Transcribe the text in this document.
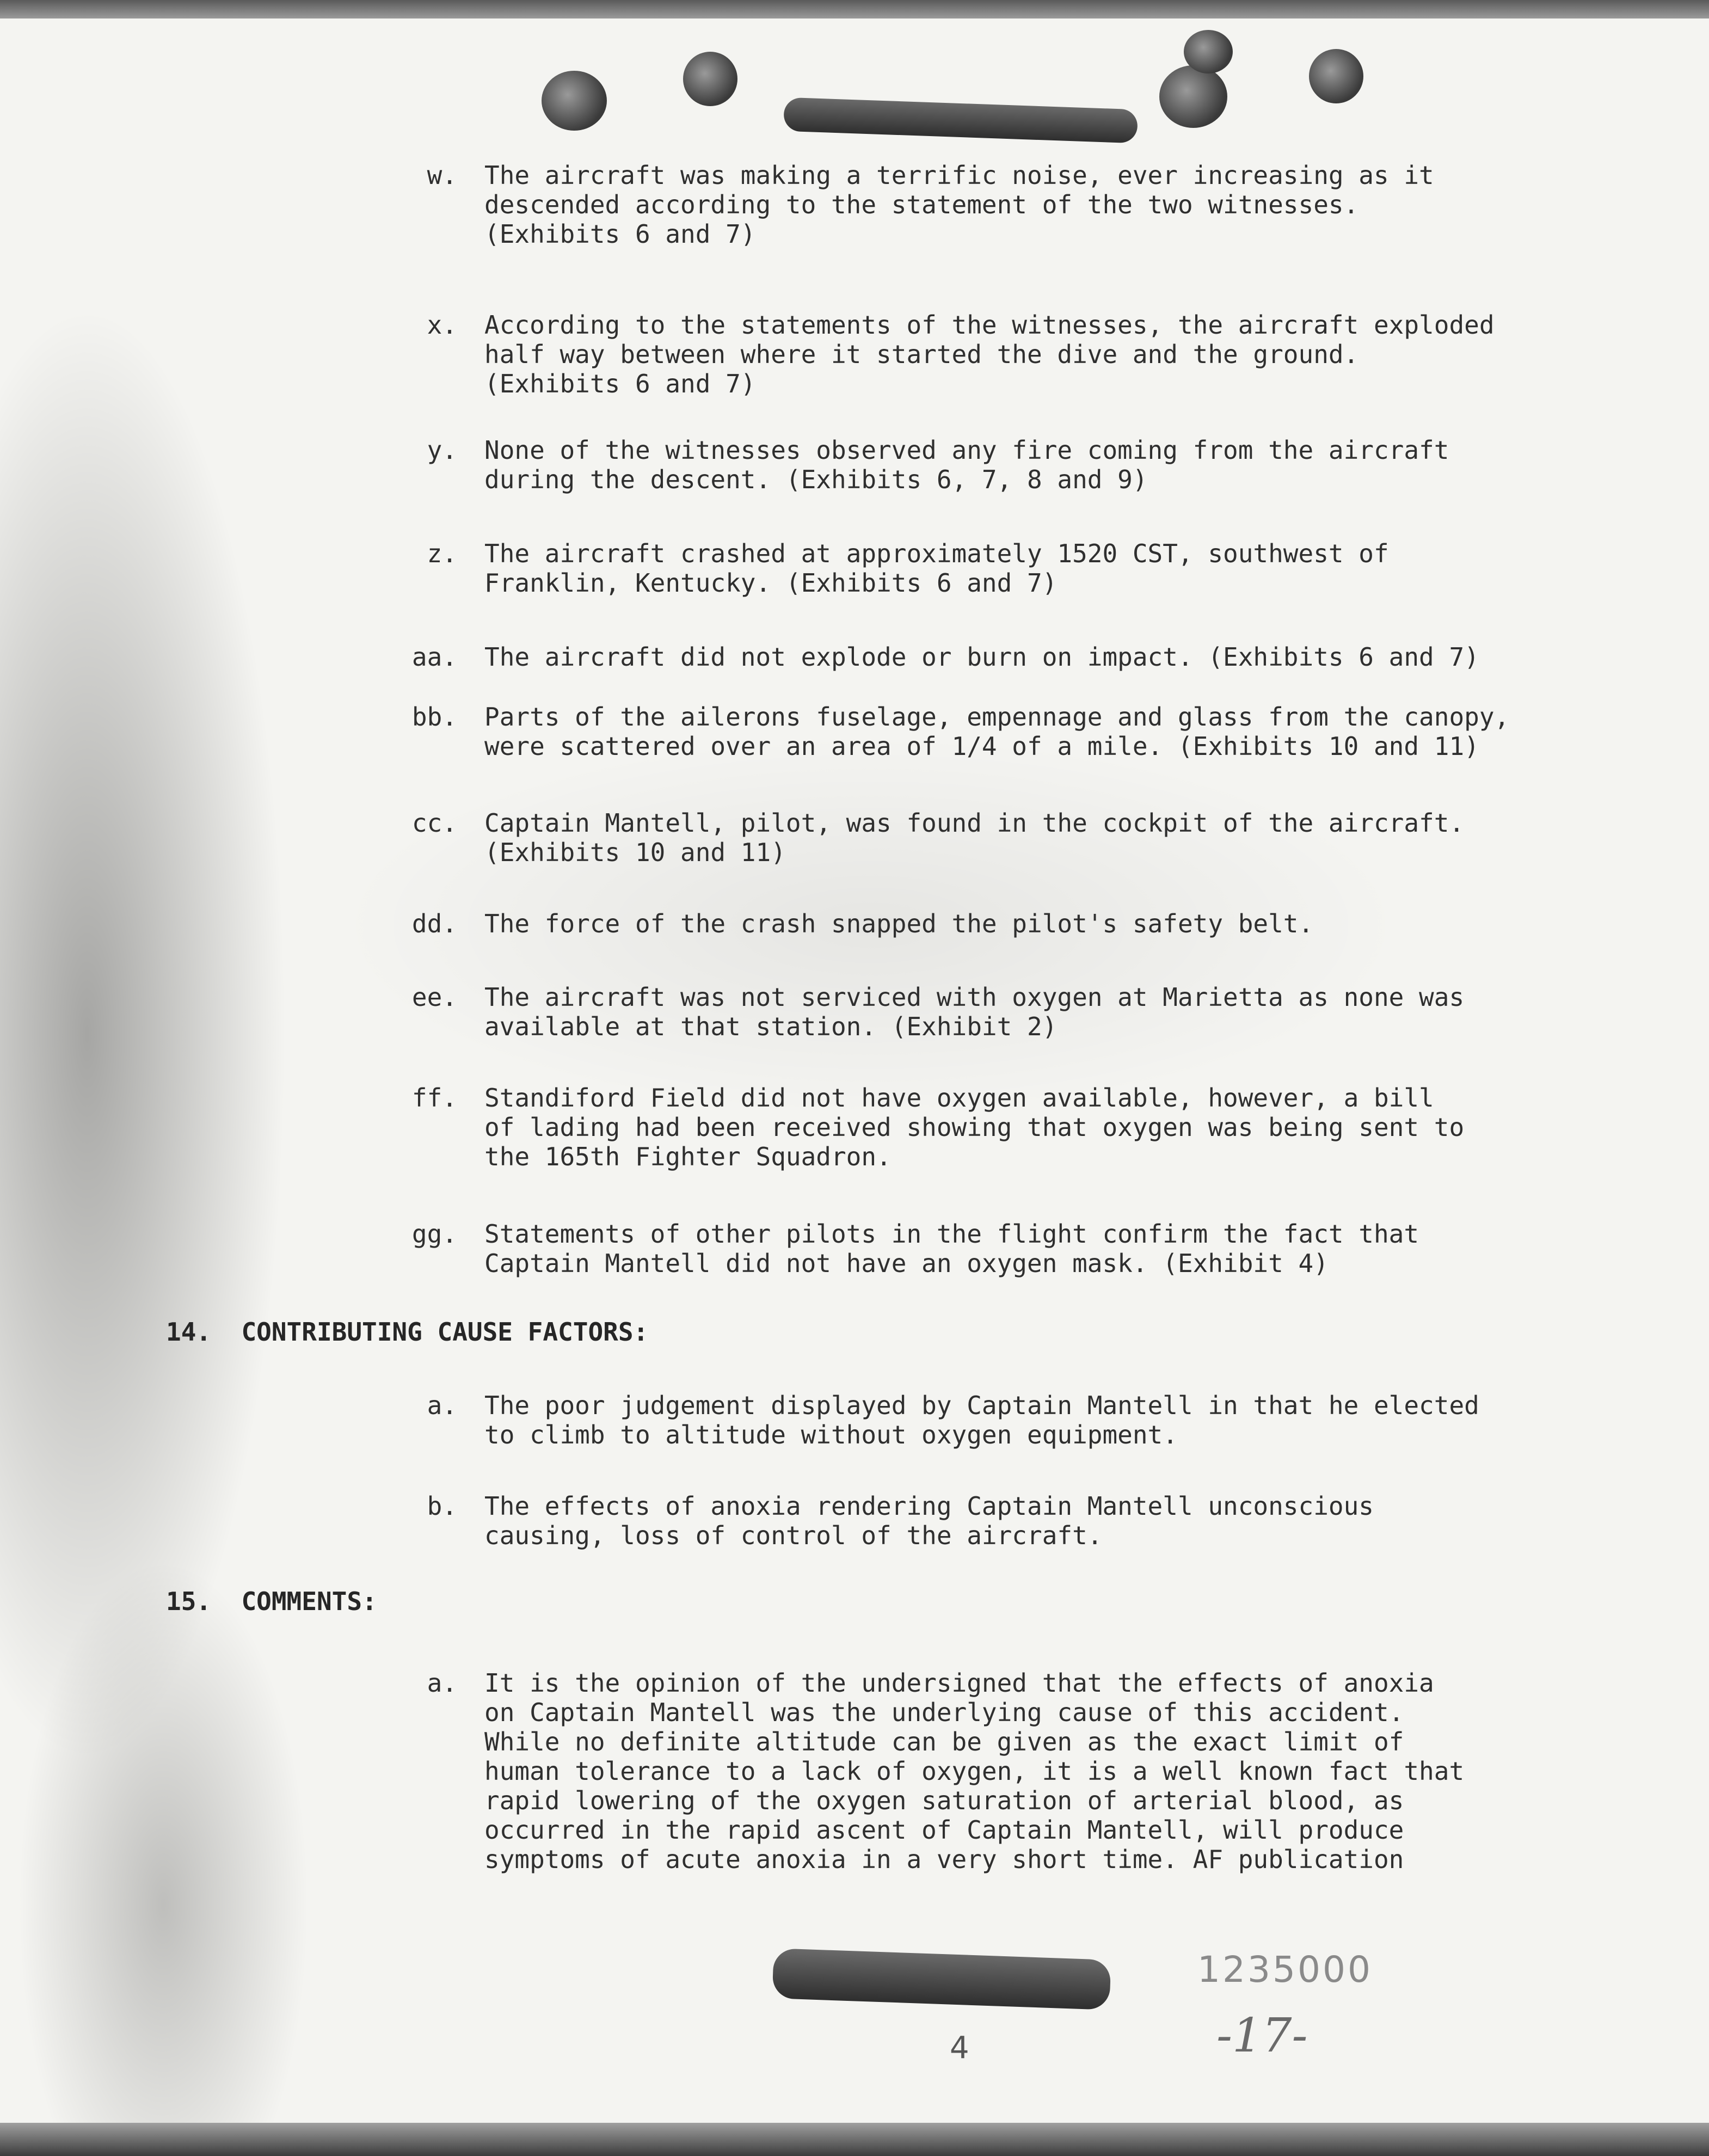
w. The aircraft was making a terrific noise, ever increasing as it
descended according to the statement of the two witnesses.
(Exhibits 6 and 7)
x. According to the statements of the witnesses, the aircraft exploded
half way between where it started the dive and the ground.
(Exhibits 6 and 7)
y. None of the witnesses observed any fire coming from the aircraft
during the descent. (Exhibits 6, 7, 8 and 9)
z. The aircraft crashed at approximately 1520 CST, southwest of
Franklin, Kentucky. (Exhibits 6 and 7)
aa. The aircraft did not explode or burn on impact. (Exhibits 6 and 7)
bb. Parts of the ailerons fuselage, empennage and glass from the canopy,
were scattered over an area of 1/4 of a mile. (Exhibits 10 and 11)
cc. Captain Mantell, pilot, was found in the cockpit of the aircraft.
(Exhibits 10 and 11)
dd. The force of the crash snapped the pilot's safety belt.
ee. The aircraft was not serviced with oxygen at Marietta as none was
available at that station. (Exhibit 2)
ff. Standiford Field did not have oxygen available, however, a bill
of lading had been received showing that oxygen was being sent to
the 165th Fighter Squadron.
gg. Statements of other pilots in the flight confirm the fact that
Captain Mantell did not have an oxygen mask. (Exhibit 4)
14.  CONTRIBUTING CAUSE FACTORS:
a. The poor judgement displayed by Captain Mantell in that he elected
to climb to altitude without oxygen equipment.
b. The effects of anoxia rendering Captain Mantell unconscious
causing, loss of control of the aircraft.
15.  COMMENTS:
a. It is the opinion of the undersigned that the effects of anoxia
on Captain Mantell was the underlying cause of this accident.
While no definite altitude can be given as the exact limit of
human tolerance to a lack of oxygen, it is a well known fact that
rapid lowering of the oxygen saturation of arterial blood, as
occurred in the rapid ascent of Captain Mantell, will produce
symptoms of acute anoxia in a very short time. AF publication
1235000
4	-17-
